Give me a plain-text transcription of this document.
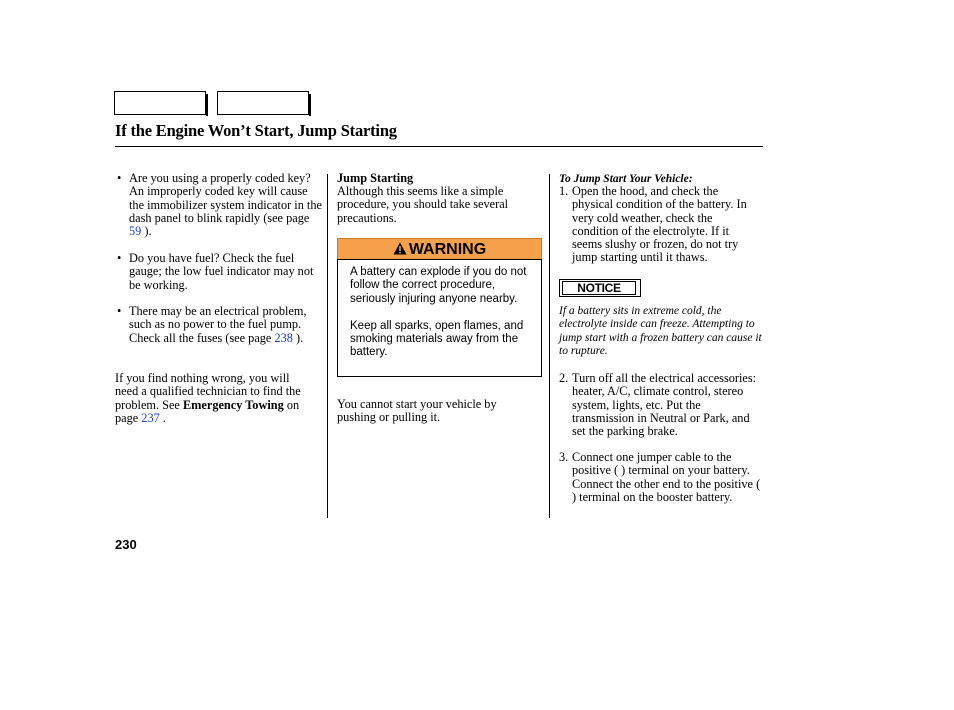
If the Engine Won’t Start, Jump Starting
• Are you using a properly coded key? An improperly coded key will cause the immobilizer system indicator in the dash panel to blink rapidly (see page 59 ).
• Do you have fuel? Check the fuel gauge; the low fuel indicator may not be working.
• There may be an electrical problem, such as no power to the fuel pump. Check all the fuses (see page 238 ).
If you find nothing wrong, you will need a qualified technician to find the problem. See Emergency Towing on page 237 .
Jump Starting
Although this seems like a simple procedure, you should take several precautions.
WARNING
A battery can explode if you do not follow the correct procedure, seriously injuring anyone nearby.
Keep all sparks, open flames, and smoking materials away from the battery.
You cannot start your vehicle by pushing or pulling it.
To Jump Start Your Vehicle:
1. Open the hood, and check the physical condition of the battery. In very cold weather, check the condition of the electrolyte. If it seems slushy or frozen, do not try jump starting until it thaws.
NOTICE
If a battery sits in extreme cold, the electrolyte inside can freeze. Attempting to jump start with a frozen battery can cause it to rupture.
2. Turn off all the electrical accessories: heater, A/C, climate control, stereo system, lights, etc. Put the transmission in Neutral or Park, and set the parking brake.
3. Connect one jumper cable to the positive ( ) terminal on your battery. Connect the other end to the positive ( ) terminal on the booster battery.
230
